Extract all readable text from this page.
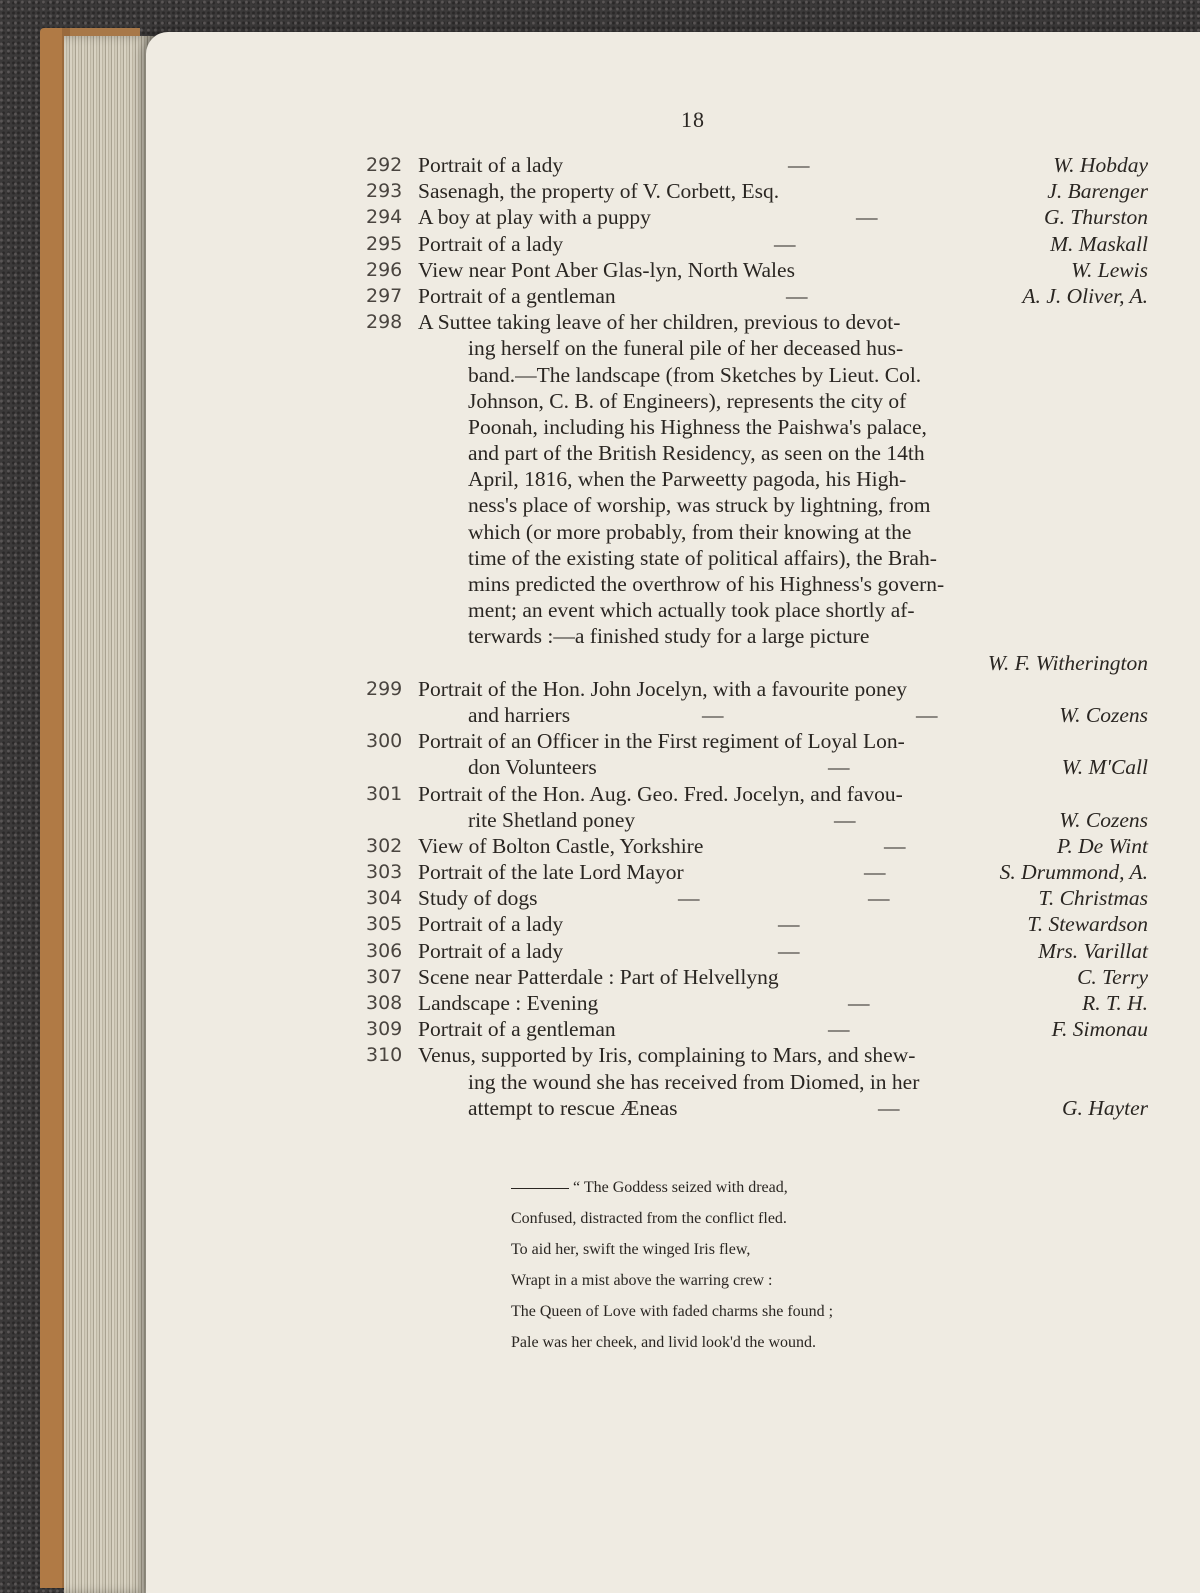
18
292 Portrait of a lady	—	W. Hobday
293 Sasenagh, the property of V. Corbett, Esq.	J. Barenger
294 A boy at play with a puppy	—	G. Thurston
295 Portrait of a lady	—	M. Maskall
296 View near Pont Aber Glas-lyn, North Wales	W. Lewis
297 Portrait of a gentleman	—	A. J. Oliver, A.
298 A Suttee taking leave of her children, previous to devot-
ing herself on the funeral pile of her deceased hus-
band.—The landscape (from Sketches by Lieut. Col.
Johnson, C. B. of Engineers), represents the city of
Poonah, including his Highness the Paishwa's palace,
and part of the British Residency, as seen on the 14th
April, 1816, when the Parweetty pagoda, his High-
ness's place of worship, was struck by lightning, from
which (or more probably, from their knowing at the
time of the existing state of political affairs), the Brah-
mins predicted the overthrow of his Highness's govern-
ment; an event which actually took place shortly af-
terwards :—a finished study for a large picture
W. F. Witherington
299 Portrait of the Hon. John Jocelyn, with a favourite poney
and harriers	—	—	W. Cozens
300 Portrait of an Officer in the First regiment of Loyal Lon-
don Volunteers	—	W. M'Call
301 Portrait of the Hon. Aug. Geo. Fred. Jocelyn, and favou-
rite Shetland poney	—	W. Cozens
302 View of Bolton Castle, Yorkshire	—	P. De Wint
303 Portrait of the late Lord Mayor	—	S. Drummond, A.
304 Study of dogs	—	—	T. Christmas
305 Portrait of a lady	—	T. Stewardson
306 Portrait of a lady	—	Mrs. Varillat
307 Scene near Patterdale : Part of Helvellyng	C. Terry
308 Landscape : Evening	—	R. T. H.
309 Portrait of a gentleman	—	F. Simonau
310 Venus, supported by Iris, complaining to Mars, and shew-
ing the wound she has received from Diomed, in her
attempt to rescue Æneas	—	G. Hayter
“ The Goddess seized with dread,
Confused, distracted from the conflict fled.
To aid her, swift the winged Iris flew,
Wrapt in a mist above the warring crew :
The Queen of Love with faded charms she found ;
Pale was her cheek, and livid look'd the wound.
